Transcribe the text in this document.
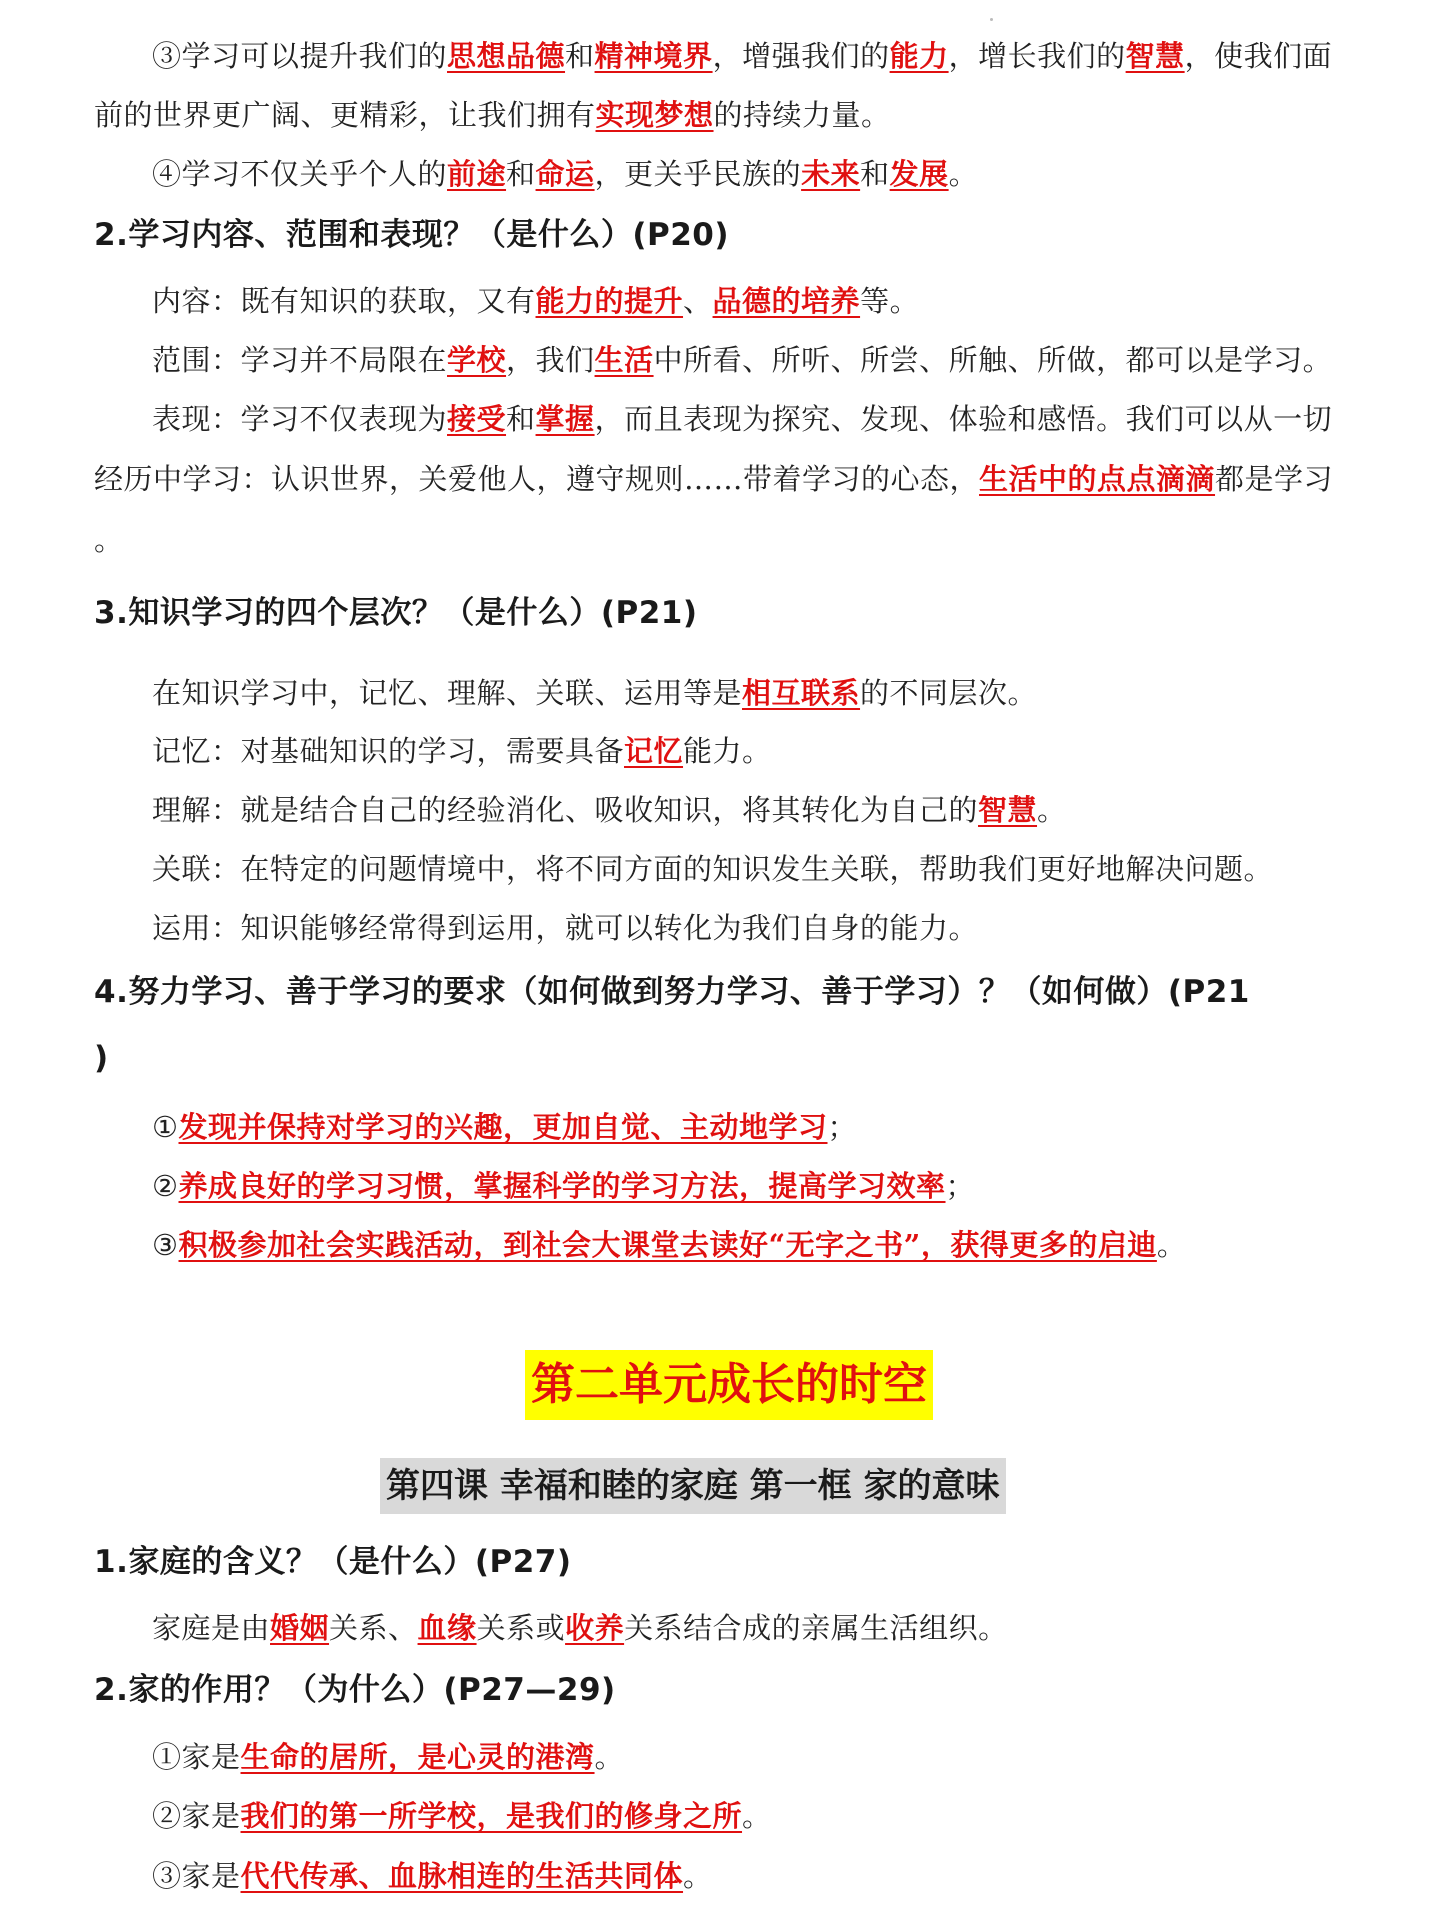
③学习可以提升我们的思想品德和精神境界，增强我们的能力，增长我们的智慧，使我们面
前的世界更广阔、更精彩，让我们拥有实现梦想的持续力量。
④学习不仅关乎个人的前途和命运，更关乎民族的未来和发展。
2.学习内容、范围和表现？（是什么）(P20)
内容：既有知识的获取，又有能力的提升、品德的培养等。
范围：学习并不局限在学校，我们生活中所看、所听、所尝、所触、所做，都可以是学习。
表现：学习不仅表现为接受和掌握，而且表现为探究、发现、体验和感悟。我们可以从一切
经历中学习：认识世界，关爱他人，遵守规则……带着学习的心态，生活中的点点滴滴都是学习
。
3.知识学习的四个层次？（是什么）(P21)
在知识学习中，记忆、理解、关联、运用等是相互联系的不同层次。
记忆：对基础知识的学习，需要具备记忆能力。
理解：就是结合自己的经验消化、吸收知识，将其转化为自己的智慧。
关联：在特定的问题情境中，将不同方面的知识发生关联，帮助我们更好地解决问题。
运用：知识能够经常得到运用，就可以转化为我们自身的能力。
4.努力学习、善于学习的要求（如何做到努力学习、善于学习）？（如何做）(P21
)
①发现并保持对学习的兴趣，更加自觉、主动地学习；
②养成良好的学习习惯，掌握科学的学习方法，提高学习效率；
③积极参加社会实践活动，到社会大课堂去读好“无字之书”，获得更多的启迪。
第二单元成长的时空
第四课 幸福和睦的家庭 第一框 家的意味
1.家庭的含义？（是什么）(P27)
家庭是由婚姻关系、血缘关系或收养关系结合成的亲属生活组织。
2.家的作用？（为什么）(P27—29)
①家是生命的居所，是心灵的港湾。
②家是我们的第一所学校，是我们的修身之所。
③家是代代传承、血脉相连的生活共同体。
